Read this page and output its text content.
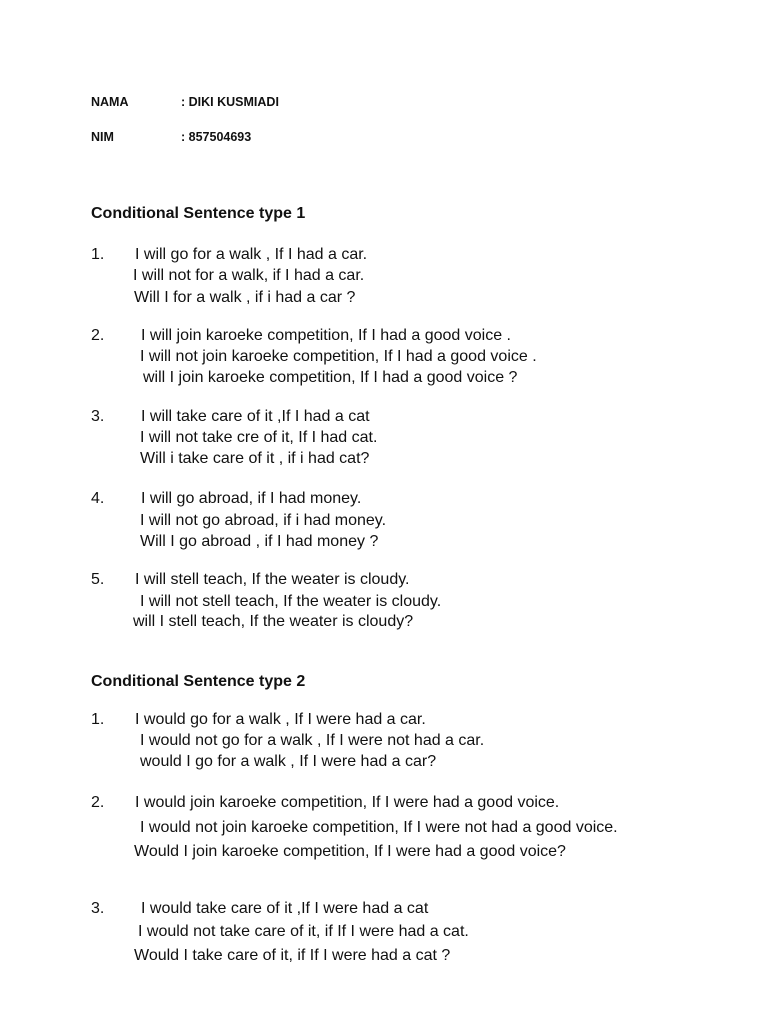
NAMA	: DIKI KUSMIADI
NIM	: 857504693
Conditional Sentence type 1
1. I will go for a walk , If I had a car.
I will not for a walk, if I had a car.
Will I for a walk , if i had a car ?
2. I will join karoeke competition, If I had a good voice .
I will not join karoeke competition, If I had a good voice .
will I join karoeke competition, If I had a good voice ?
3. I will take care of it ,If I had a cat
I will not take cre of it, If I had cat.
Will i take care of it , if i had cat?
4. I will go abroad, if I had money.
I will not go abroad, if i had money.
Will I go abroad , if I had money ?
5. I will stell teach, If the weater is cloudy.
I will not stell teach, If the weater is cloudy.
will I stell teach, If the weater is cloudy?
Conditional Sentence type 2
1. I would go for a walk , If I were had a car.
I would not go for a walk , If I were not had a car.
would I go for a walk , If I were had a car?
2. I would join karoeke competition, If I were had a good voice.
I would not join karoeke competition, If I were not had a good voice.
Would I join karoeke competition, If I were had a good voice?
3. I would take care of it ,If I were had a cat
I would not take care of it, if If I were had a cat.
Would I take care of it, if If I were had a cat ?
